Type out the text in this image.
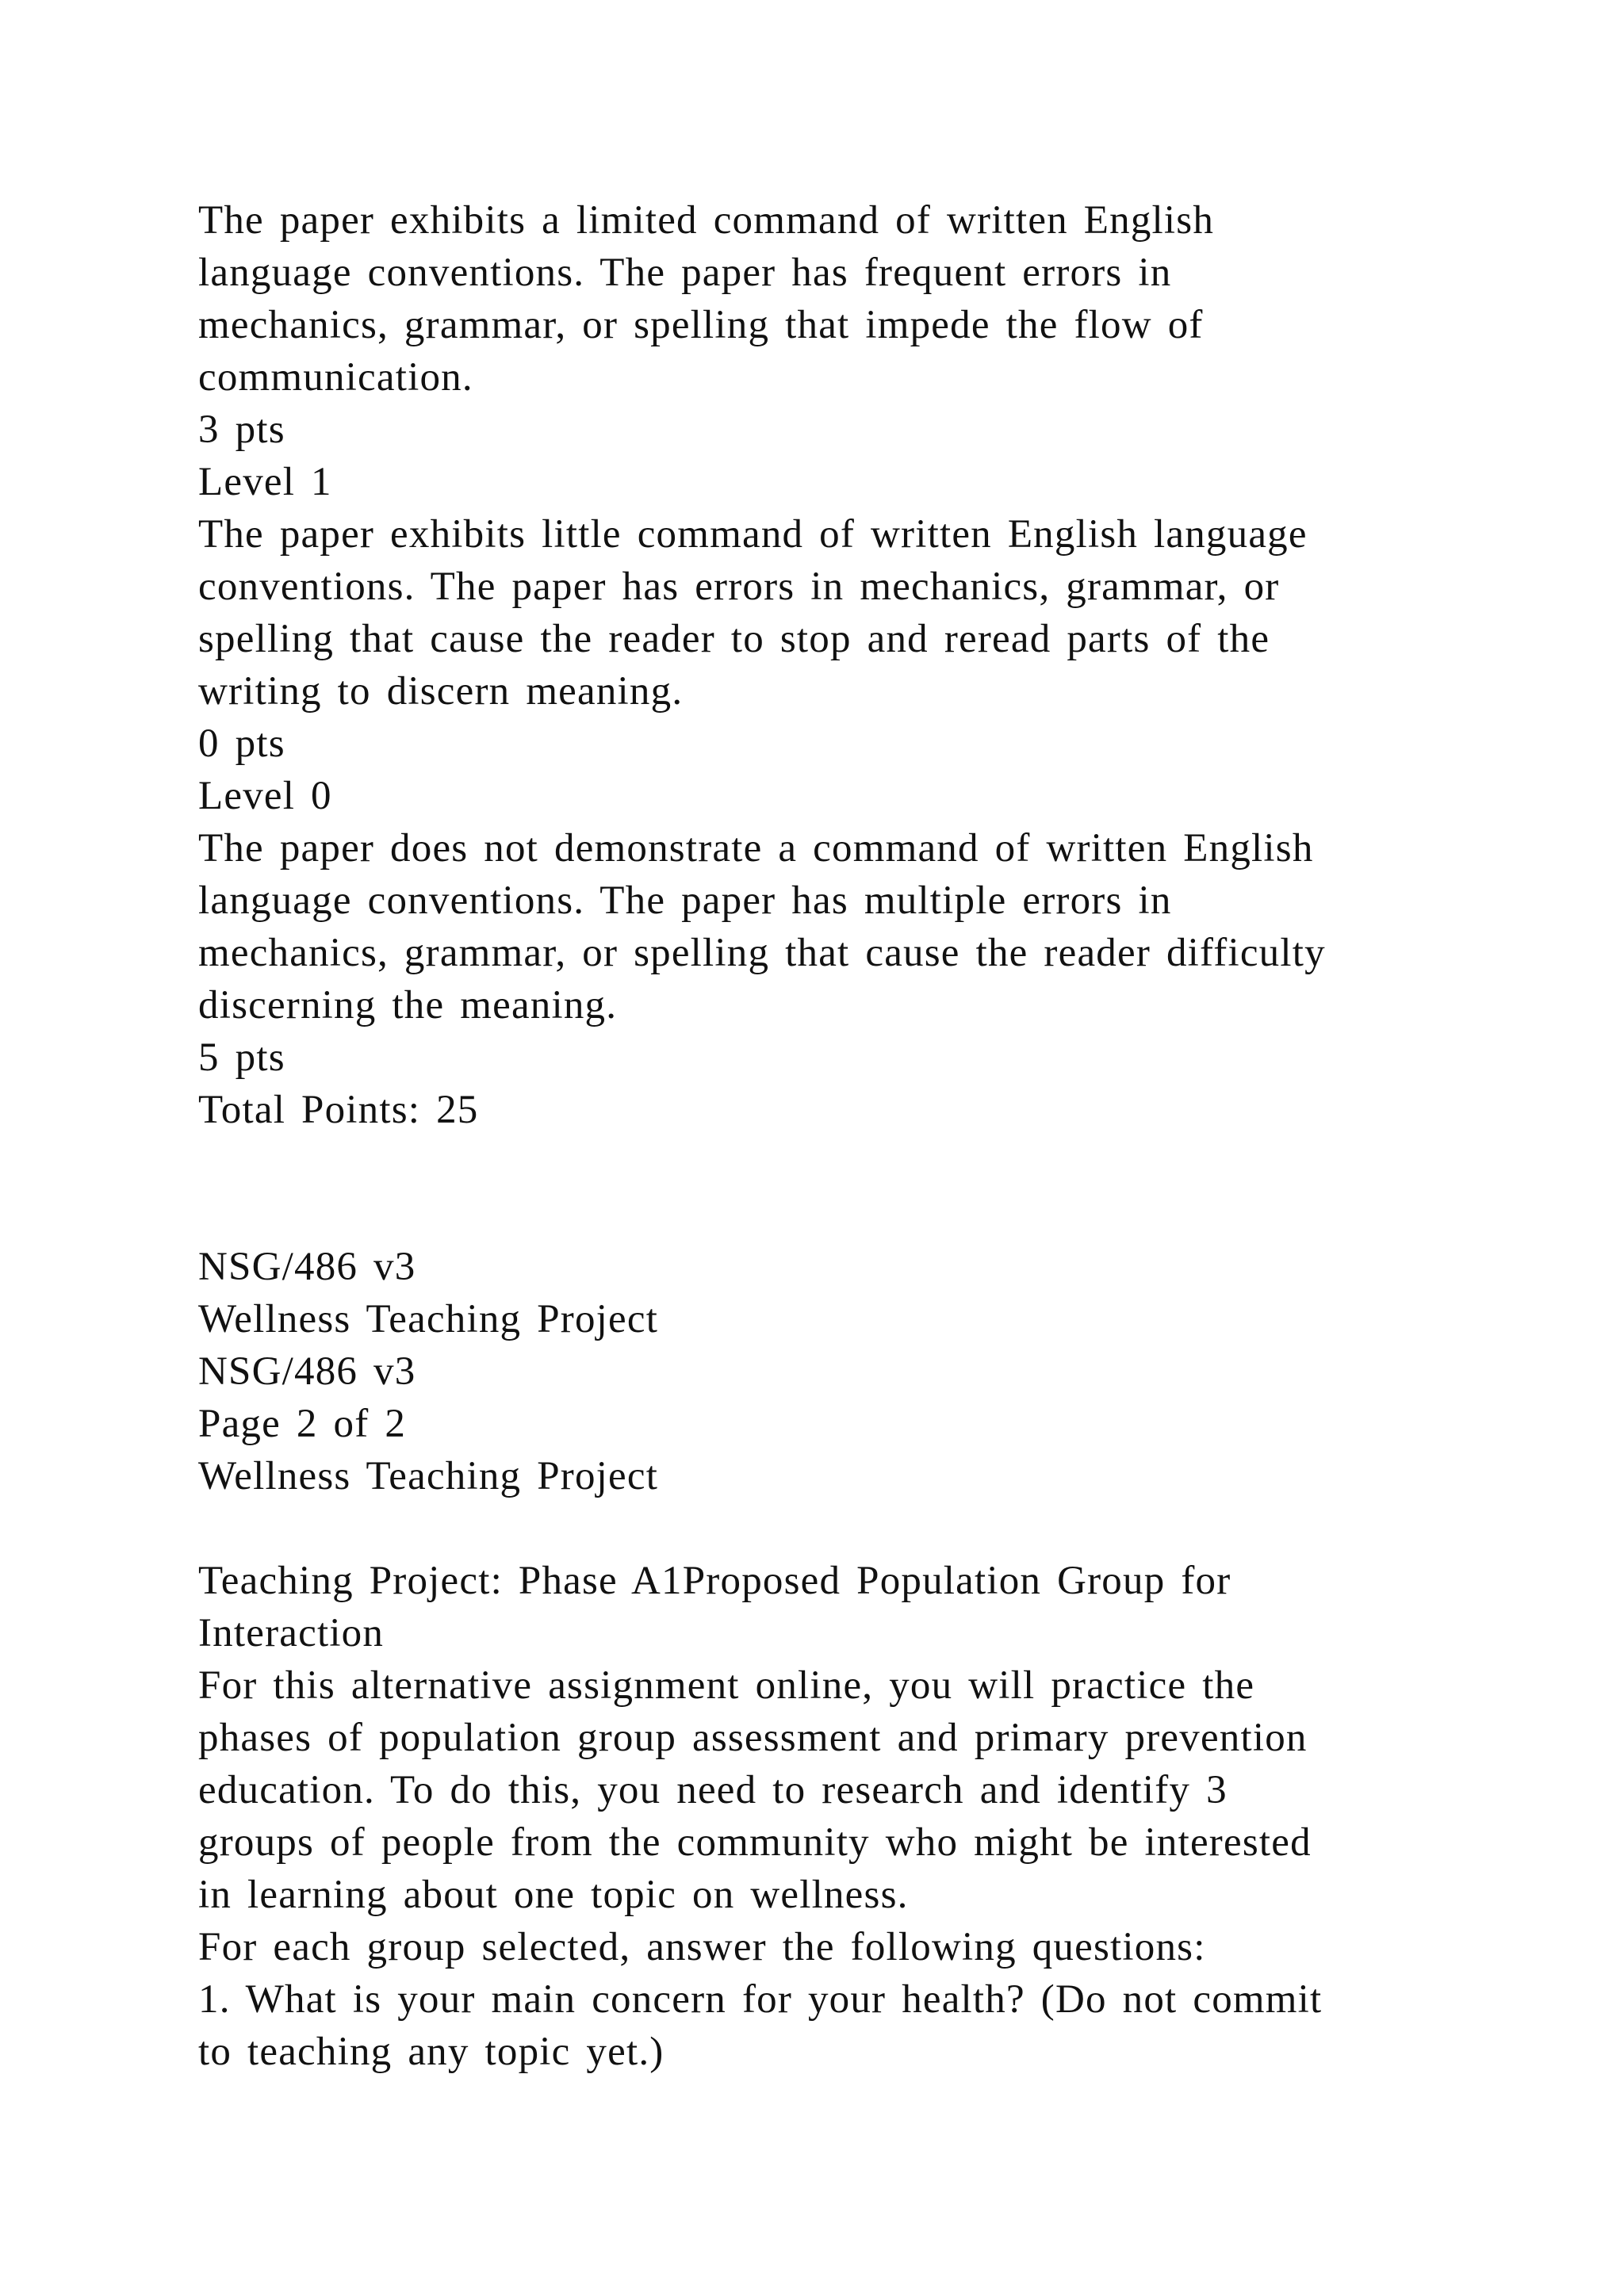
The paper exhibits a limited command of written English
language conventions. The paper has frequent errors in
mechanics, grammar, or spelling that impede the flow of
communication.
3 pts
Level 1
The paper exhibits little command of written English language
conventions. The paper has errors in mechanics, grammar, or
spelling that cause the reader to stop and reread parts of the
writing to discern meaning.
0 pts
Level 0
The paper does not demonstrate a command of written English
language conventions. The paper has multiple errors in
mechanics, grammar, or spelling that cause the reader difficulty
discerning the meaning.
5 pts
Total Points: 25
NSG/486 v3
Wellness Teaching Project
NSG/486 v3
Page 2 of 2
Wellness Teaching Project
Teaching Project: Phase A1Proposed Population Group for
Interaction
For this alternative assignment online, you will practice the
phases of population group assessment and primary prevention
education. To do this, you need to research and identify 3
groups of people from the community who might be interested
in learning about one topic on wellness.
For each group selected, answer the following questions:
1. What is your main concern for your health? (Do not commit
to teaching any topic yet.)
